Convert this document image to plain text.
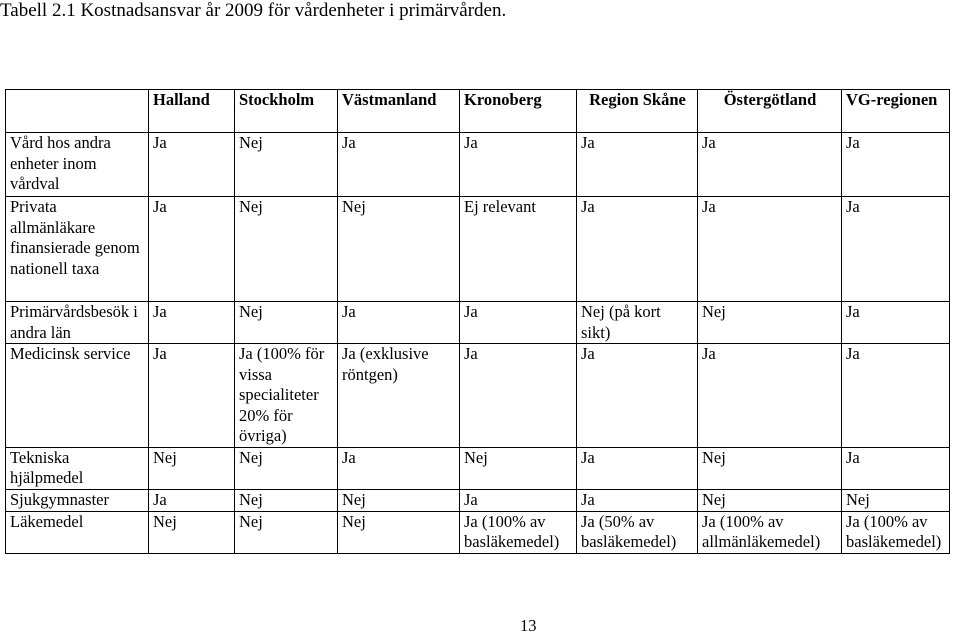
Tabell 2.1 Kostnadsansvar år 2009 för vårdenheter i primärvården.

	Halland	Stockholm	Västmanland	Kronoberg	Region Skåne	Östergötland	VG-regionen
Vård hos andra enheter inom vårdval	Ja	Nej	Ja	Ja	Ja	Ja	Ja
Privata allmänläkare finansierade genom nationell taxa	Ja	Nej	Nej	Ej relevant	Ja	Ja	Ja
Primärvårdsbesök i andra län	Ja	Nej	Ja	Ja	Nej (på kort sikt)	Nej	Ja
Medicinsk service	Ja	Ja (100% för vissa specialiteter 20% för övriga)	Ja (exklusive röntgen)	Ja	Ja	Ja	Ja
Tekniska hjälpmedel	Nej	Nej	Ja	Nej	Ja	Nej	Ja
Sjukgymnaster	Ja	Nej	Nej	Ja	Ja	Nej	Nej
Läkemedel	Nej	Nej	Nej	Ja (100% av basläkemedel)	Ja (50% av basläkemedel)	Ja (100% av allmänläkemedel)	Ja (100% av basläkemedel)
13
